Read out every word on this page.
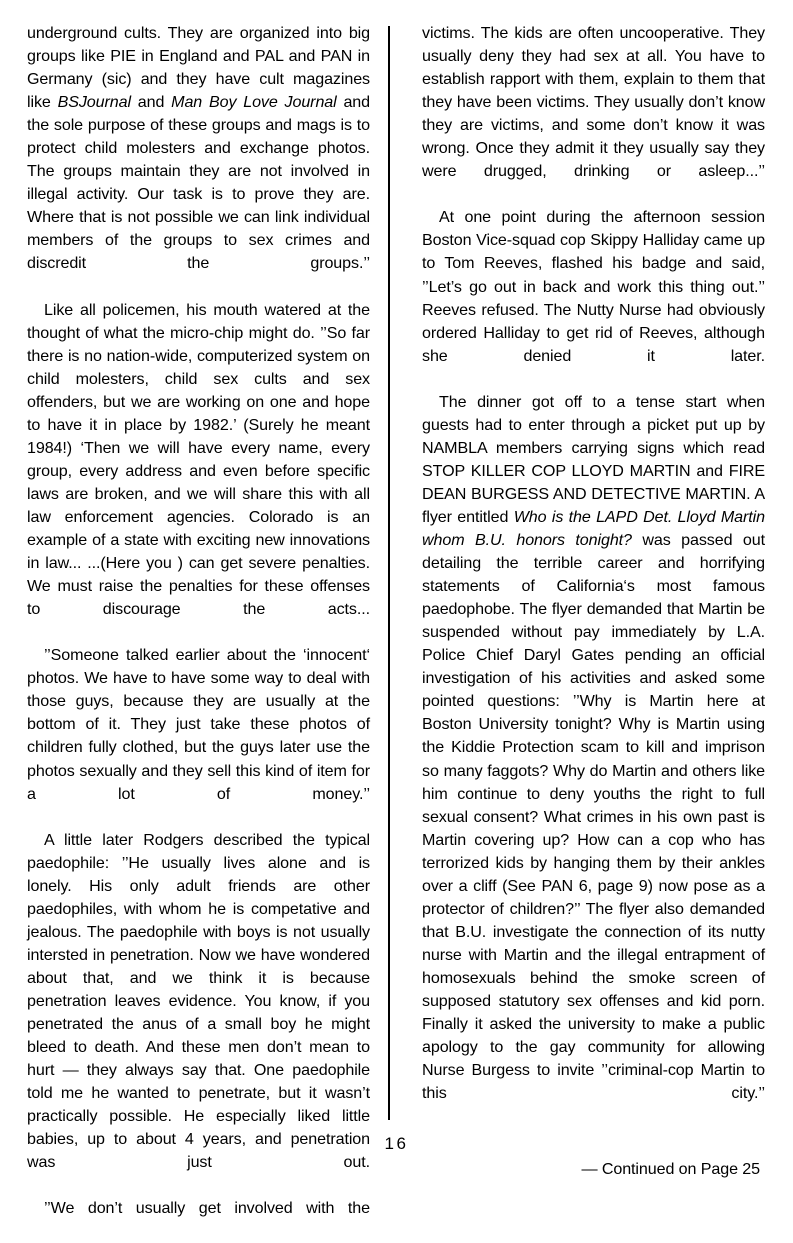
underground cults. They are organized into big groups like PIE in England and PAL and PAN in Germany (sic) and they have cult magazines like BSJournal and Man Boy Love Journal and the sole purpose of these groups and mags is to protect child molesters and exchange photos. The groups maintain they are not involved in illegal activity. Our task is to prove they are. Where that is not possible we can link individual members of the groups to sex crimes and discredit the groups.’’

Like all policemen, his mouth watered at the thought of what the micro-chip might do. ’’So far there is no nation-wide, computerized system on child molesters, child sex cults and sex offenders, but we are working on one and hope to have it in place by 1982.’ (Surely he meant 1984!) ‘Then we will have every name, every group, every address and even before specific laws are broken, and we will share this with all law enforcement agencies. Colorado is an example of a state with exciting new innovations in law... ...(Here you ) can get severe penalties. We must raise the penalties for these offenses to discourage the acts...

’’Someone talked earlier about the ‘innocent‘ photos. We have to have some way to deal with those guys, because they are usually at the bottom of it. They just take these photos of children fully clothed, but the guys later use the photos sexually and they sell this kind of item for a lot of money.’’

A little later Rodgers described the typical paedophile: ’’He usually lives alone and is lonely. His only adult friends are other paedophiles, with whom he is competative and jealous. The paedophile with boys is not usually intersted in penetration. Now we have wondered about that, and we think it is because penetration leaves evidence. You know, if you penetrated the anus of a small boy he might bleed to death. And these men don’t mean to hurt — they always say that. One paedophile told me he wanted to penetrate, but it wasn’t practically possible. He especially liked little babies, up to about 4 years, and penetration was just out.

’’We don’t usually get involved with the

victims. The kids are often uncooperative. They usually deny they had sex at all. You have to establish rapport with them, explain to them that they have been victims. They usually don’t know they are victims, and some don’t know it was wrong. Once they admit it they usually say they were drugged, drinking or asleep...’’

At one point during the afternoon session Boston Vice-squad cop Skippy Halliday came up to Tom Reeves, flashed his badge and said, ’’Let’s go out in back and work this thing out.’’ Reeves refused. The Nutty Nurse had obviously ordered Halliday to get rid of Reeves, although she denied it later.

The dinner got off to a tense start when guests had to enter through a picket put up by NAMBLA members carrying signs which read STOP KILLER COP LLOYD MARTIN and FIRE DEAN BURGESS AND DETECTIVE MARTIN. A flyer entitled Who is the LAPD Det. Lloyd Martin whom B.U. honors tonight? was passed out detailing the terrible career and horrifying statements of California‘s most famous paedophobe. The flyer demanded that Martin be suspended without pay immediately by L.A. Police Chief Daryl Gates pending an official investigation of his activities and asked some pointed questions: ’’Why is Martin here at Boston University tonight? Why is Martin using the Kiddie Protection scam to kill and imprison so many faggots? Why do Martin and others like him continue to deny youths the right to full sexual consent? What crimes in his own past is Martin covering up? How can a cop who has terrorized kids by hanging them by their ankles over a cliff (See PAN 6, page 9) now pose as a protector of children?’’ The flyer also demanded that B.U. investigate the connection of its nutty nurse with Martin and the illegal entrapment of homosexuals behind the smoke screen of supposed statutory sex offenses and kid porn. Finally it asked the university to make a public apology to the gay community for allowing Nurse Burgess to invite ’’criminal-cop Martin to this city.’’

— Continued on Page 25
16
